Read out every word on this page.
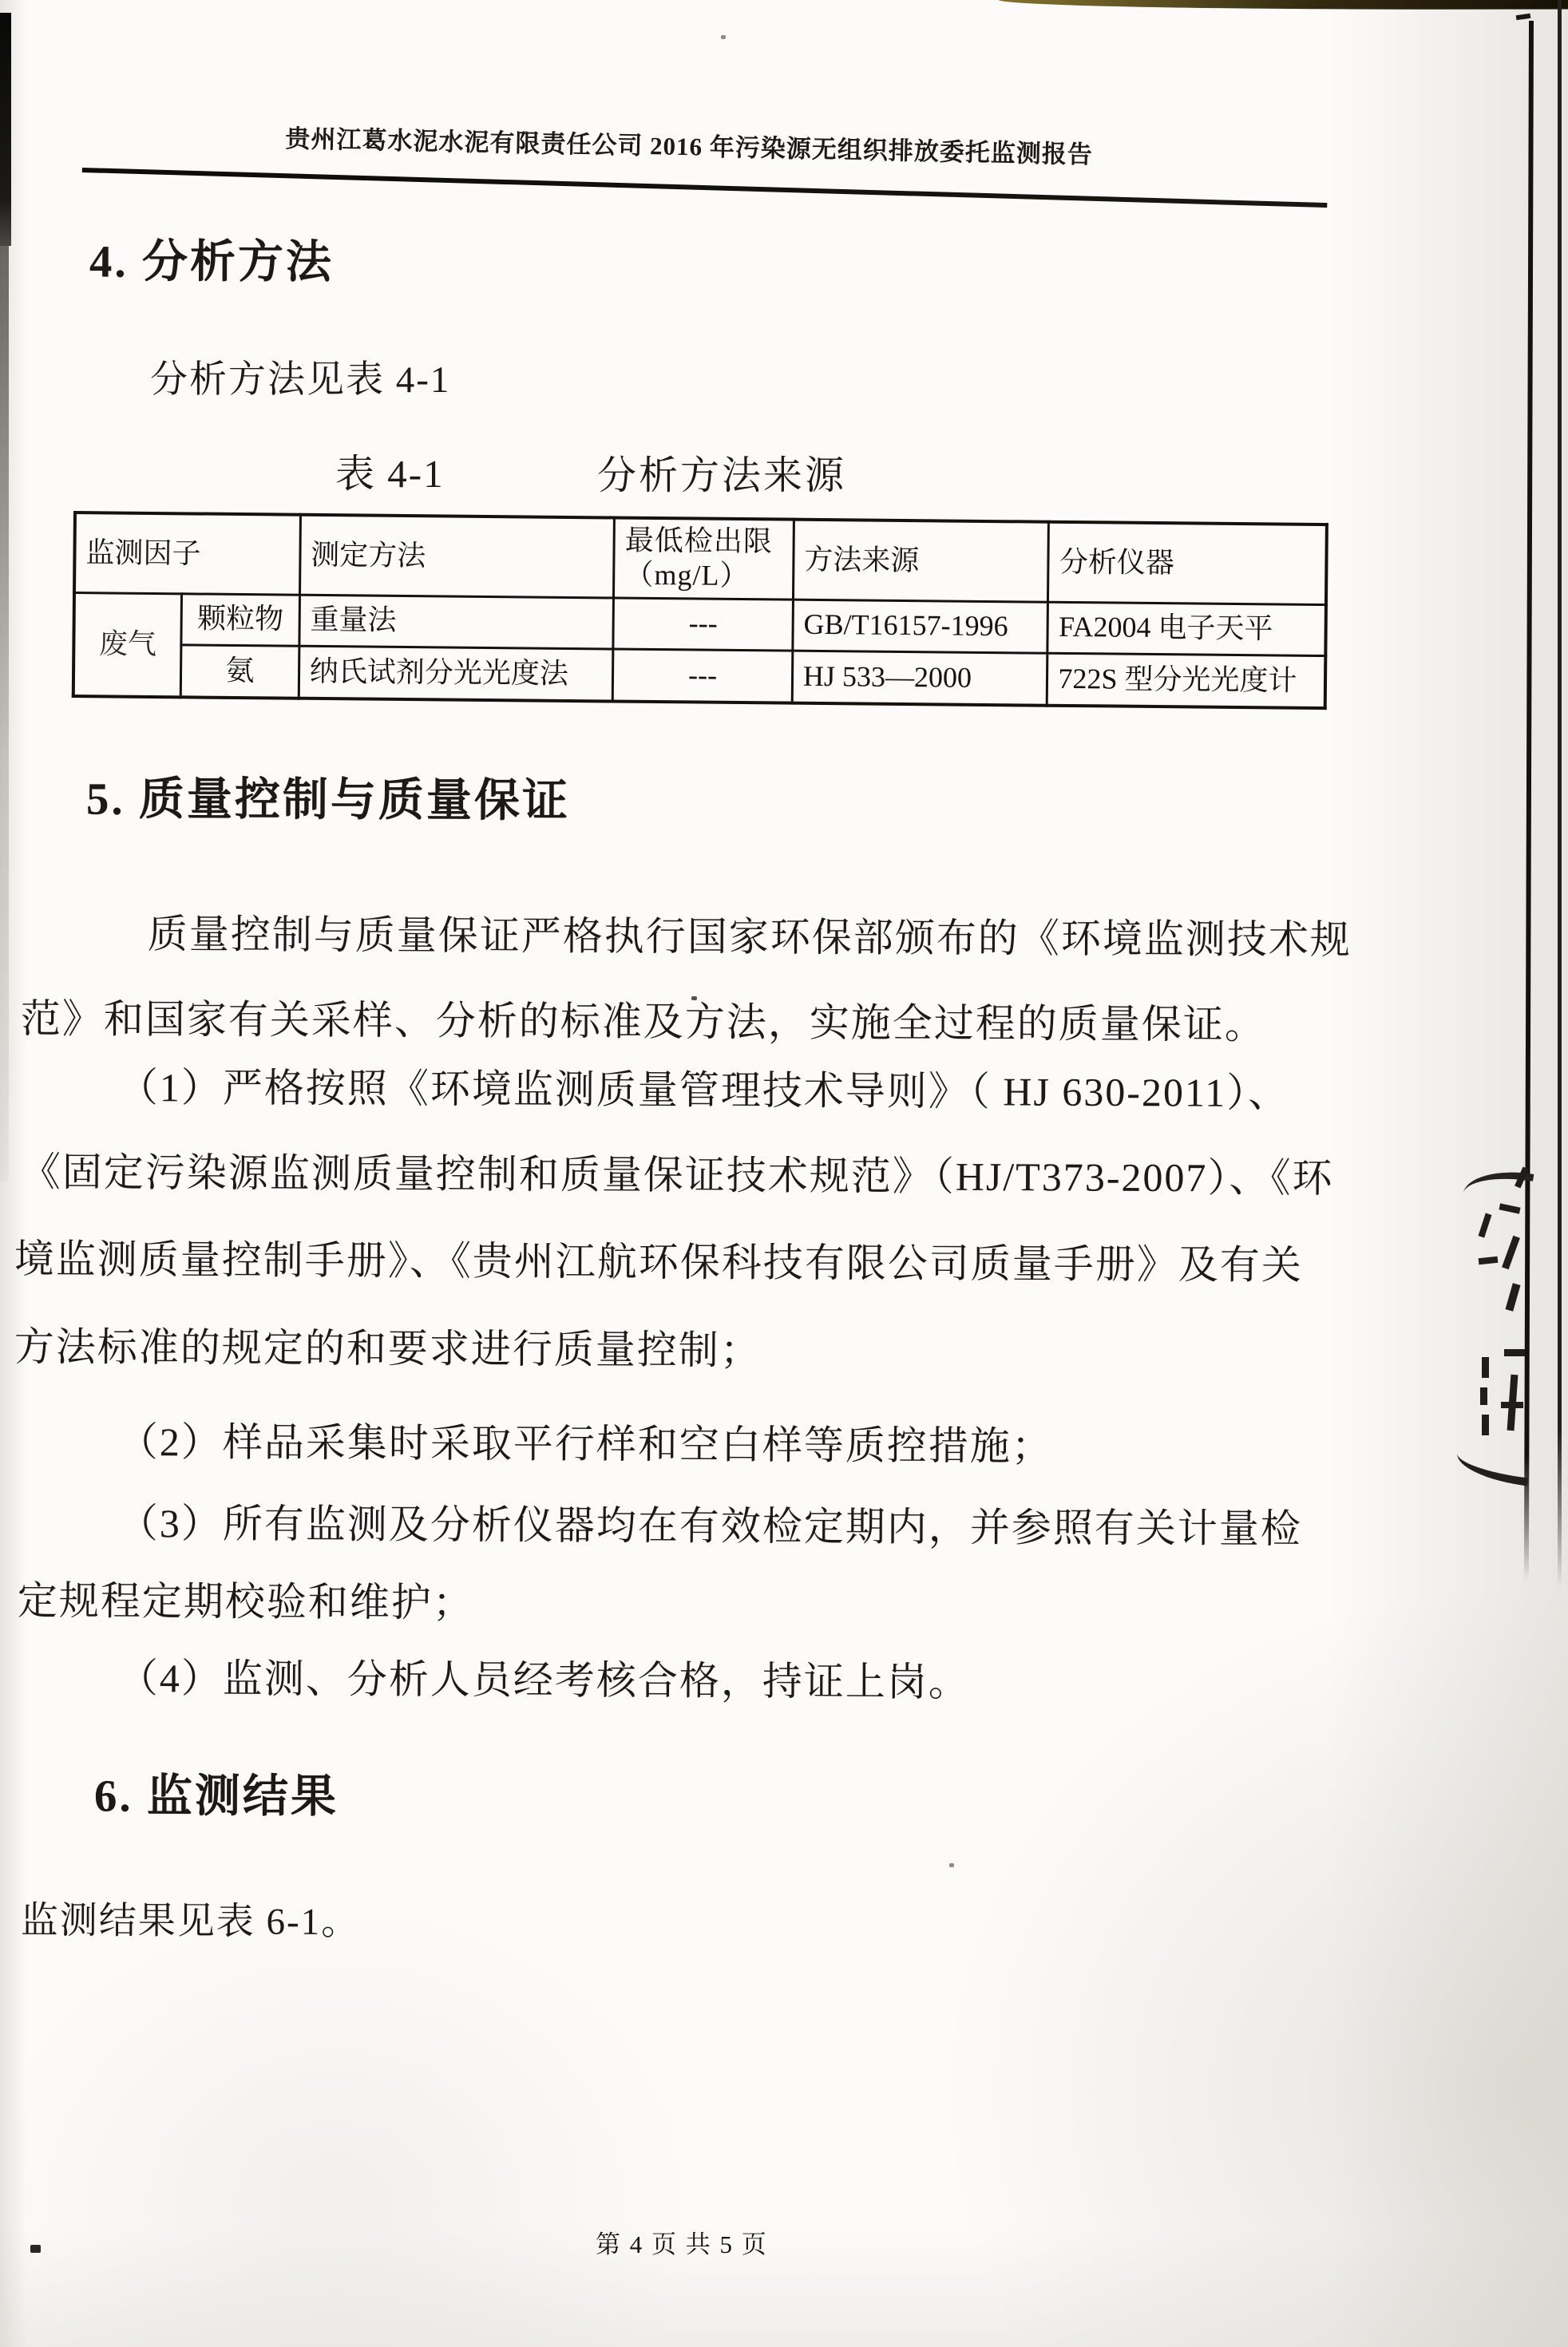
贵州江葛水泥水泥有限责任公司 2016 年污染源无组织排放委托监测报告
4. 分析方法
分析方法见表 4-1
表 4-1	分析方法来源
监测因子		测定方法	最低检出限（mg/L）	方法来源	分析仪器
废气	颗粒物	重量法	---	GB/T16157-1996	FA2004 电子天平
	氨	纳氏试剂分光光度法	---	HJ 533—2000	722S 型分光光度计
5. 质量控制与质量保证
质量控制与质量保证严格执行国家环保部颁布的《环境监测技术规
范》和国家有关采样、分析的标准及方法，实施全过程的质量保证。
（1）严格按照《环境监测质量管理技术导则》（ HJ 630-2011）、
《固定污染源监测质量控制和质量保证技术规范》（HJ/T373-2007）、《环
境监测质量控制手册》、《贵州江航环保科技有限公司质量手册》及有关
方法标准的规定的和要求进行质量控制；
（2）样品采集时采取平行样和空白样等质控措施；
（3）所有监测及分析仪器均在有效检定期内，并参照有关计量检
定规程定期校验和维护；
（4）监测、分析人员经考核合格，持证上岗。
6. 监测结果
监测结果见表 6-1。
第 4 页 共 5 页
